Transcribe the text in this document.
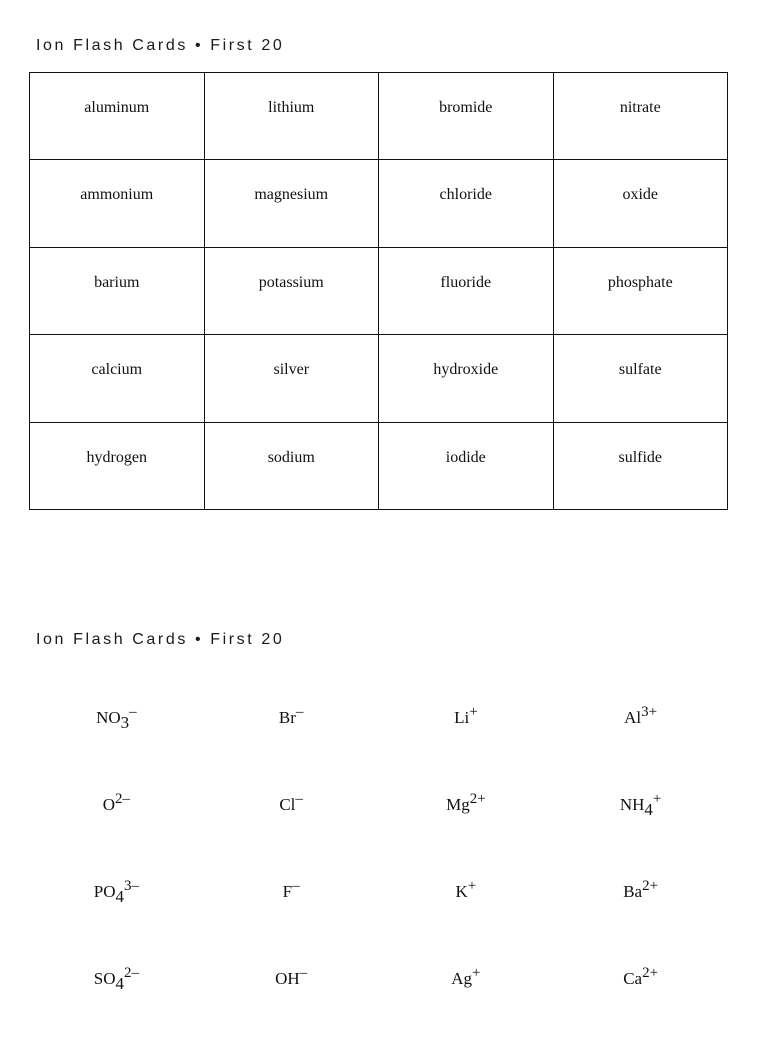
Ion Flash Cards • First 20
aluminum	lithium	bromide	nitrate
ammonium	magnesium	chloride	oxide
barium	potassium	fluoride	phosphate
calcium	silver	hydroxide	sulfate
hydrogen	sodium	iodide	sulfide
Ion Flash Cards • First 20
$NO_3^-$	Br–	Li+	$Al^{3+}$
$O^{2-}$	Cl–	$Mg^{2+}$	$NH_4^+$
$PO_4^{3-}$	F–	K+	$Ba^{2+}$
$SO_4^{2-}$	OH–	Ag+	$Ca^{2+}$
